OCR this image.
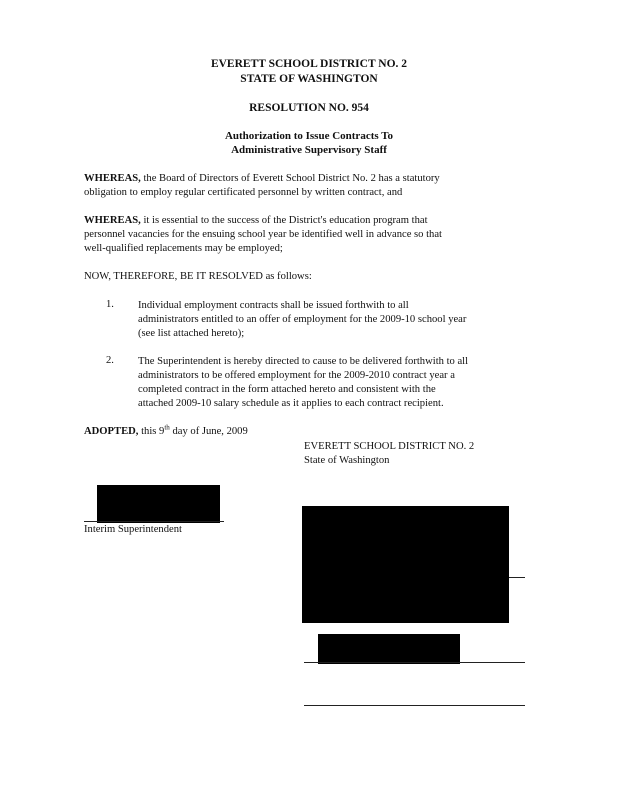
EVERETT SCHOOL DISTRICT NO. 2
STATE OF WASHINGTON
RESOLUTION NO. 954
Authorization to Issue Contracts To
Administrative Supervisory Staff
WHEREAS, the Board of Directors of Everett School District No. 2 has a statutory
obligation to employ regular certificated personnel by written contract, and
WHEREAS, it is essential to the success of the District's education program that
personnel vacancies for the ensuing school year be identified well in advance so that
well-qualified replacements may be employed;
NOW, THEREFORE, BE IT RESOLVED as follows:
1. Individual employment contracts shall be issued forthwith to all
administrators entitled to an offer of employment for the 2009-10 school year
(see list attached hereto);
2. The Superintendent is hereby directed to cause to be delivered forthwith to all
administrators to be offered employment for the 2009-2010 contract year a
completed contract in the form attached hereto and consistent with the
attached 2009-10 salary schedule as it applies to each contract recipient.
ADOPTED, this 9th day of June, 2009
EVERETT SCHOOL DISTRICT NO. 2
State of Washington
Interim Superintendent
